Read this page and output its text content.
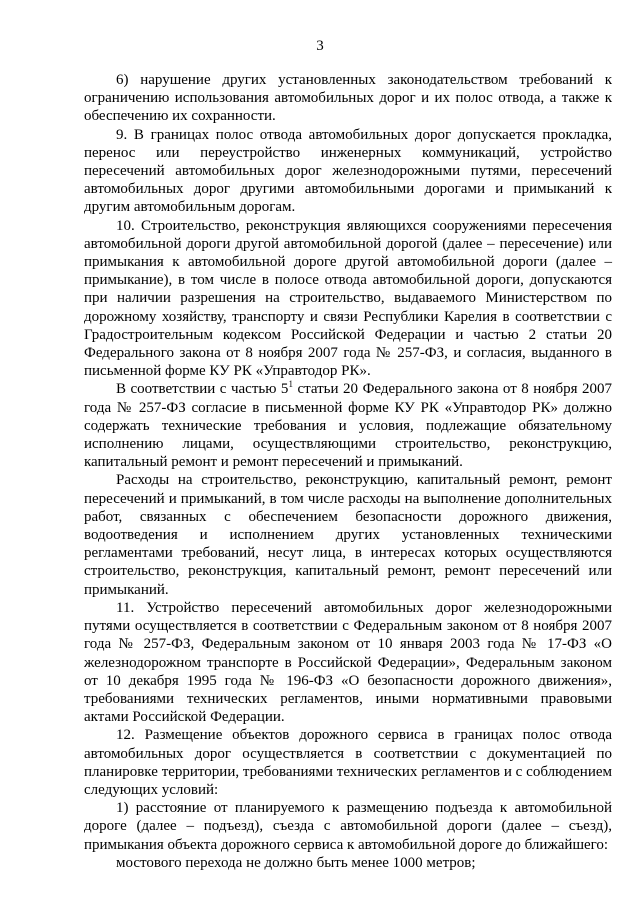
3

6) нарушение других установленных законодательством требований к ограничению использования автомобильных дорог и их полос отвода, а также к обеспечению их сохранности.

9. В границах полос отвода автомобильных дорог допускается прокладка, перенос или переустройство инженерных коммуникаций, устройство пересечений автомобильных дорог железнодорожными путями, пересечений автомобильных дорог другими автомобильными дорогами и примыканий к другим автомобильным дорогам.

10. Строительство, реконструкция являющихся сооружениями пересечения автомобильной дороги другой автомобильной дорогой (далее – пересечение) или примыкания к автомобильной дороге другой автомобильной дороги (далее – примыкание), в том числе в полосе отвода автомобильной дороги, допускаются при наличии разрешения на строительство, выдаваемого Министерством по дорожному хозяйству, транспорту и связи Республики Карелия в соответствии с Градостроительным кодексом Российской Федерации и частью 2 статьи 20 Федерального закона от 8 ноября 2007 года № 257-ФЗ, и согласия, выданного в письменной форме КУ РК «Управтодор РК».

В соответствии с частью $5^1$ статьи 20 Федерального закона от 8 ноября 2007 года № 257-ФЗ согласие в письменной форме КУ РК «Управтодор РК» должно содержать технические требования и условия, подлежащие обязательному исполнению лицами, осуществляющими строительство, реконструкцию, капитальный ремонт и ремонт пересечений и примыканий.

Расходы на строительство, реконструкцию, капитальный ремонт, ремонт пересечений и примыканий, в том числе расходы на выполнение дополнительных работ, связанных с обеспечением безопасности дорожного движения, водоотведения и исполнением других установленных техническими регламентами требований, несут лица, в интересах которых осуществляются строительство, реконструкция, капитальный ремонт, ремонт пересечений или примыканий.

11. Устройство пересечений автомобильных дорог железнодорожными путями осуществляется в соответствии с Федеральным законом от 8 ноября 2007 года № 257-ФЗ, Федеральным законом от 10 января 2003 года № 17-ФЗ «О железнодорожном транспорте в Российской Федерации», Федеральным законом от 10 декабря 1995 года № 196-ФЗ «О безопасности дорожного движения», требованиями технических регламентов, иными нормативными правовыми актами Российской Федерации.

12. Размещение объектов дорожного сервиса в границах полос отвода автомобильных дорог осуществляется в соответствии с документацией по планировке территории, требованиями технических регламентов и с соблюдением следующих условий:

1) расстояние от планируемого к размещению подъезда к автомобильной дороге (далее – подъезд), съезда с автомобильной дороги (далее – съезд), примыкания объекта дорожного сервиса к автомобильной дороге до ближайшего:

мостового перехода не должно быть менее 1000 метров;
